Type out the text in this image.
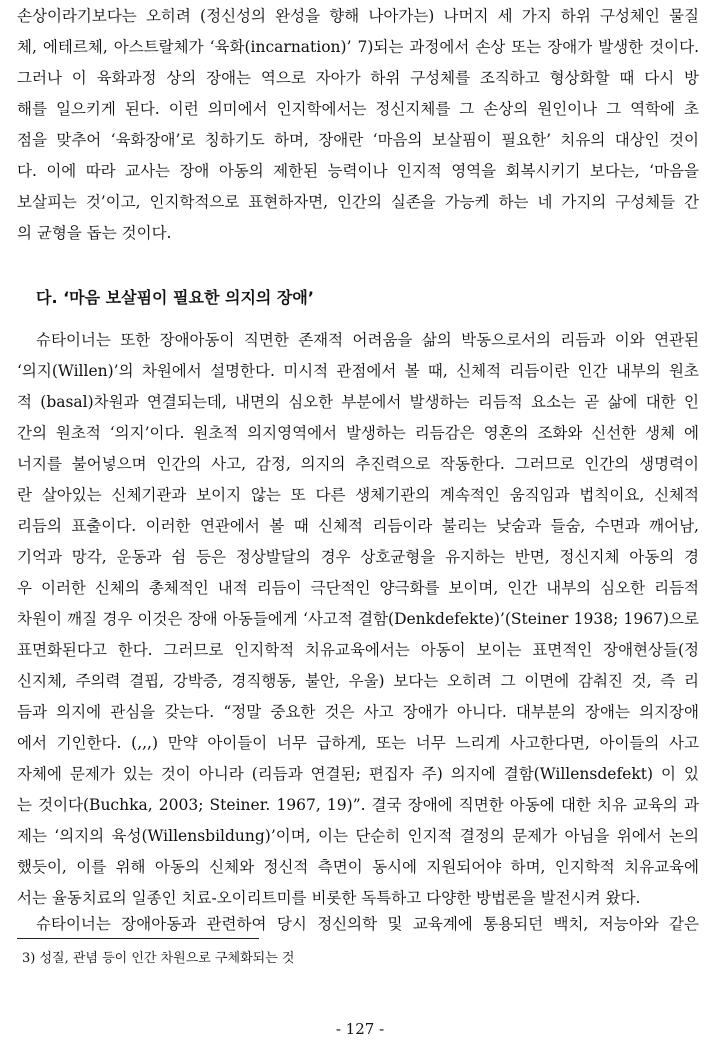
손상이라기보다는 오히려 (정신성의 완성을 향해 나아가는) 나머지 세 가지 하위 구성체인 물질
체, 에테르체, 아스트랄체가 ‘육화(incarnation)’ 7)되는 과정에서 손상 또는 장애가 발생한 것이다.
그러나 이 육화과정 상의 장애는 역으로 자아가 하위 구성체를 조직하고 형상화할 때 다시 방
해를 일으키게 된다. 이런 의미에서 인지학에서는 정신지체를 그 손상의 원인이나 그 역학에 초
점을 맞추어 ‘육화장애’로 칭하기도 하며, 장애란 ‘마음의 보살핌이 필요한’ 치유의 대상인 것이
다. 이에 따라 교사는 장애 아동의 제한된 능력이나 인지적 영역을 회복시키기 보다는, ‘마음을
보살피는 것’이고, 인지학적으로 표현하자면, 인간의 실존을 가능케 하는 네 가지의 구성체들 간
의 균형을 돕는 것이다.
다. ‘마음 보살핌이 필요한 의지의 장애’
슈타이너는 또한 장애아동이 직면한 존재적 어려움을 삶의 박동으로서의 리듬과 이와 연관된
‘의지(Willen)’의 차원에서 설명한다. 미시적 관점에서 볼 때, 신체적 리듬이란 인간 내부의 원초
적 (basal)차원과 연결되는데, 내면의 심오한 부분에서 발생하는 리듬적 요소는 곧 삶에 대한 인
간의 원초적 ‘의지’이다. 원초적 의지영역에서 발생하는 리듬감은 영혼의 조화와 신선한 생체 에
너지를 불어넣으며 인간의 사고, 감정, 의지의 추진력으로 작동한다. 그러므로 인간의 생명력이
란 살아있는 신체기관과 보이지 않는 또 다른 생체기관의 계속적인 움직임과 법칙이요, 신체적
리듬의 표출이다. 이러한 연관에서 볼 때 신체적 리듬이라 불리는 낮숨과 들숨, 수면과 깨어남,
기억과 망각, 운동과 쉼 등은 정상발달의 경우 상호균형을 유지하는 반면, 정신지체 아동의 경
우 이러한 신체의 총체적인 내적 리듬이 극단적인 양극화를 보이며, 인간 내부의 심오한 리듬적
차원이 깨질 경우 이것은 장애 아동들에게 ‘사고적 결함(Denkdefekte)’(Steiner 1938; 1967)으로
표면화된다고 한다. 그러므로 인지학적 치유교육에서는 아동이 보이는 표면적인 장애현상들(정
신지체, 주의력 결핍, 강박증, 경직행동, 불안, 우울) 보다는 오히려 그 이면에 감춰진 것, 즉 리
듬과 의지에 관심을 갖는다. “정말 중요한 것은 사고 장애가 아니다. 대부분의 장애는 의지장애
에서 기인한다. (,,,) 만약 아이들이 너무 급하게, 또는 너무 느리게 사고한다면, 아이들의 사고
자체에 문제가 있는 것이 아니라 (리듬과 연결된; 편집자 주) 의지에 결함(Willensdefekt) 이 있
는 것이다(Buchka, 2003; Steiner. 1967, 19)”. 결국 장애에 직면한 아동에 대한 치유 교육의 과
제는 ‘의지의 육성(Willensbildung)’이며, 이는 단순히 인지적 결정의 문제가 아님을 위에서 논의
했듯이, 이를 위해 아동의 신체와 정신적 측면이 동시에 지원되어야 하며, 인지학적 치유교육에
서는 율동치료의 일종인 치료-오이리트미를 비롯한 독특하고 다양한 방법론을 발전시켜 왔다.
슈타이너는 장애아동과 관련하여 당시 정신의학 및 교육계에 통용되던 백치, 저능아와 같은
3) 성질, 관념 등이 인간 차원으로 구체화되는 것
- 127 -
